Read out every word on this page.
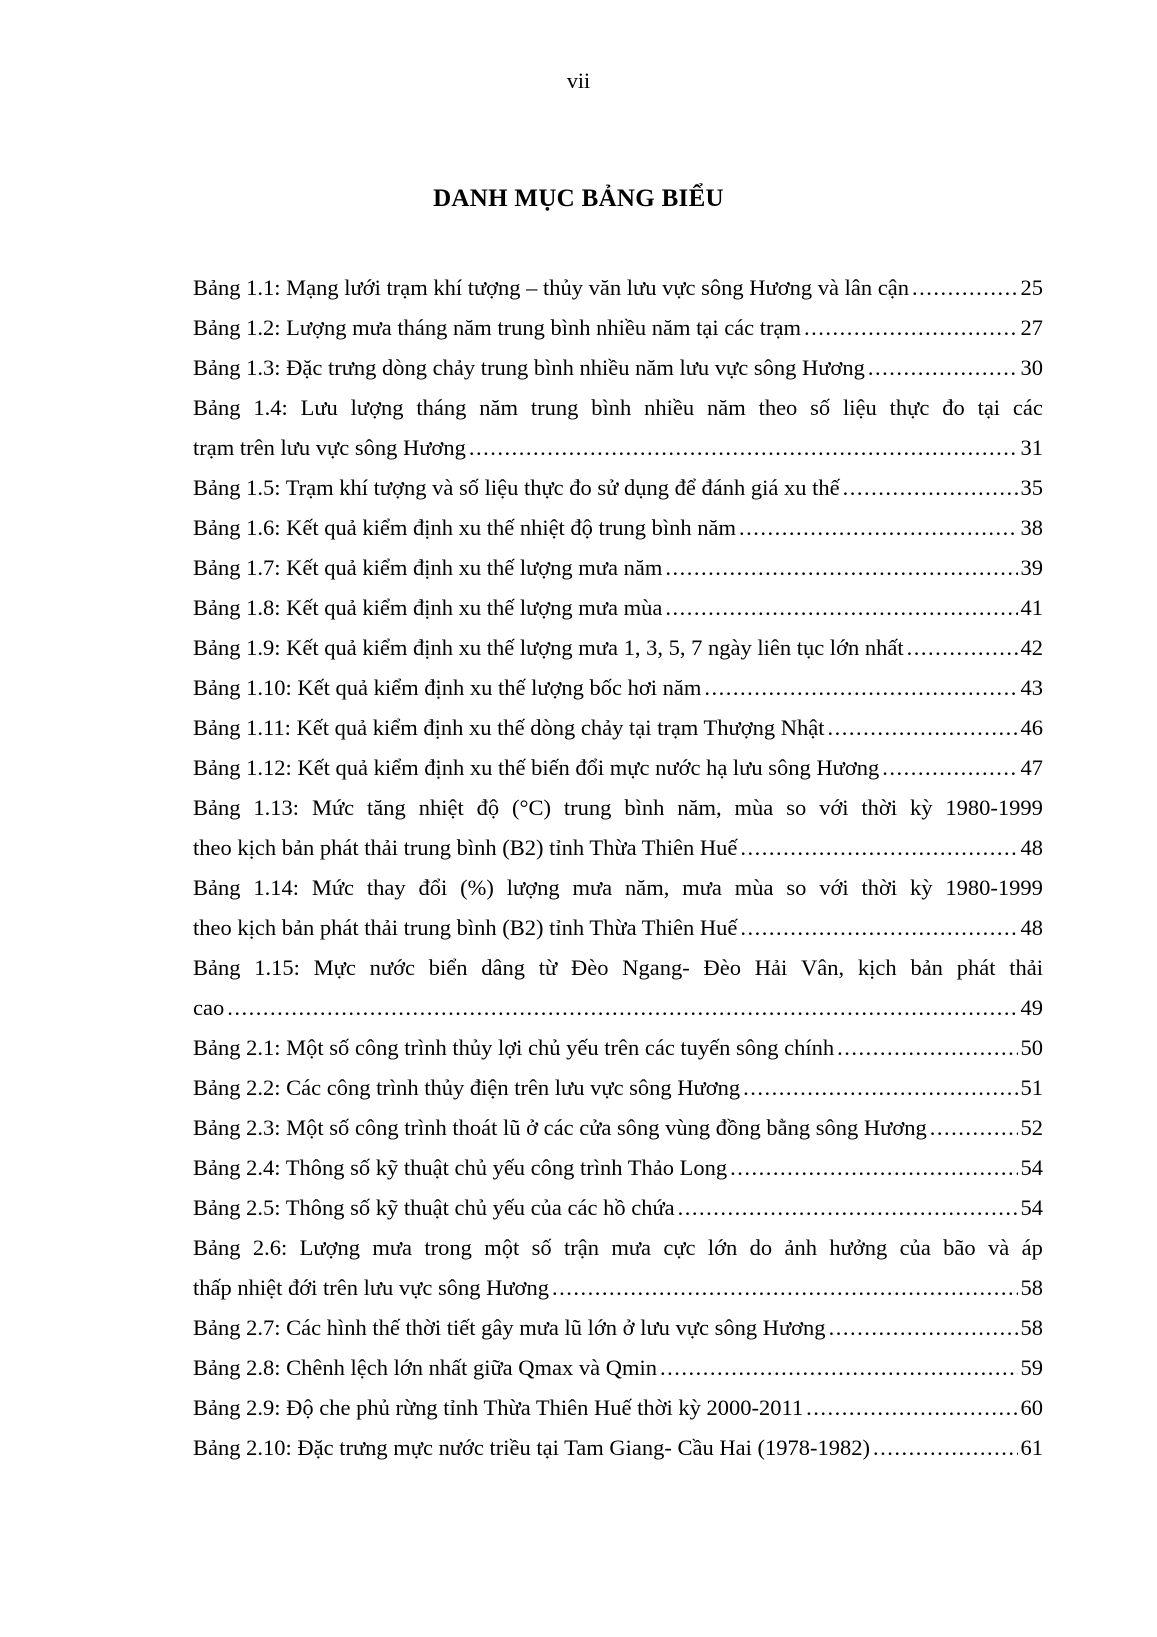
vii
DANH MỤC BẢNG BIỂU
Bảng 1.1: Mạng lưới trạm khí tượng – thủy văn lưu vực sông Hương và lân cận .....	25
Bảng 1.2: Lượng mưa tháng năm trung bình nhiều năm tại các trạm .....	27
Bảng 1.3: Đặc trưng dòng chảy trung bình nhiều năm lưu vực sông Hương .....	30
Bảng 1.4: Lưu lượng tháng năm trung bình nhiều năm theo số liệu thực đo tại các
trạm trên lưu vực sông Hương .....	31
Bảng 1.5: Trạm khí tượng và số liệu thực đo sử dụng để đánh giá xu thế .....	35
Bảng 1.6: Kết quả kiểm định xu thế nhiệt độ trung bình năm .....	38
Bảng 1.7: Kết quả kiểm định xu thế lượng mưa năm .....	39
Bảng 1.8: Kết quả kiểm định xu thế lượng mưa mùa .....	41
Bảng 1.9: Kết quả kiểm định xu thế lượng mưa 1, 3, 5, 7 ngày liên tục lớn nhất .....	42
Bảng 1.10: Kết quả kiểm định xu thế lượng bốc hơi năm .....	43
Bảng 1.11: Kết quả kiểm định xu thế dòng chảy tại trạm Thượng Nhật .....	46
Bảng 1.12: Kết quả kiểm định xu thế biến đổi mực nước hạ lưu sông Hương .....	47
Bảng 1.13: Mức tăng nhiệt độ (°C) trung bình năm, mùa so với thời kỳ 1980-1999
theo kịch bản phát thải trung bình (B2) tỉnh Thừa Thiên Huế .....	48
Bảng 1.14: Mức thay đổi (%) lượng mưa năm, mưa mùa so với thời kỳ 1980-1999
theo kịch bản phát thải trung bình (B2) tỉnh Thừa Thiên Huế .....	48
Bảng 1.15: Mực nước biển dâng từ Đèo Ngang- Đèo Hải Vân, kịch bản phát thải
cao .....	49
Bảng 2.1: Một số công trình thủy lợi chủ yếu trên các tuyến sông chính .....	50
Bảng 2.2: Các công trình thủy điện trên lưu vực sông Hương .....	51
Bảng 2.3: Một số công trình thoát lũ ở các cửa sông vùng đồng bằng sông Hương .....	52
Bảng 2.4: Thông số kỹ thuật chủ yếu công trình Thảo Long .....	54
Bảng 2.5: Thông số kỹ thuật chủ yếu của các hồ chứa .....	54
Bảng 2.6: Lượng mưa trong một số trận mưa cực lớn do ảnh hưởng của bão và áp
thấp nhiệt đới trên lưu vực sông Hương .....	58
Bảng 2.7: Các hình thế thời tiết gây mưa lũ lớn ở lưu vực sông Hương .....	58
Bảng 2.8: Chênh lệch lớn nhất giữa Qmax và Qmin .....	59
Bảng 2.9: Độ che phủ rừng tỉnh Thừa Thiên Huế thời kỳ 2000-2011 .....	60
Bảng 2.10: Đặc trưng mực nước triều tại Tam Giang- Cầu Hai (1978-1982) .....	61
